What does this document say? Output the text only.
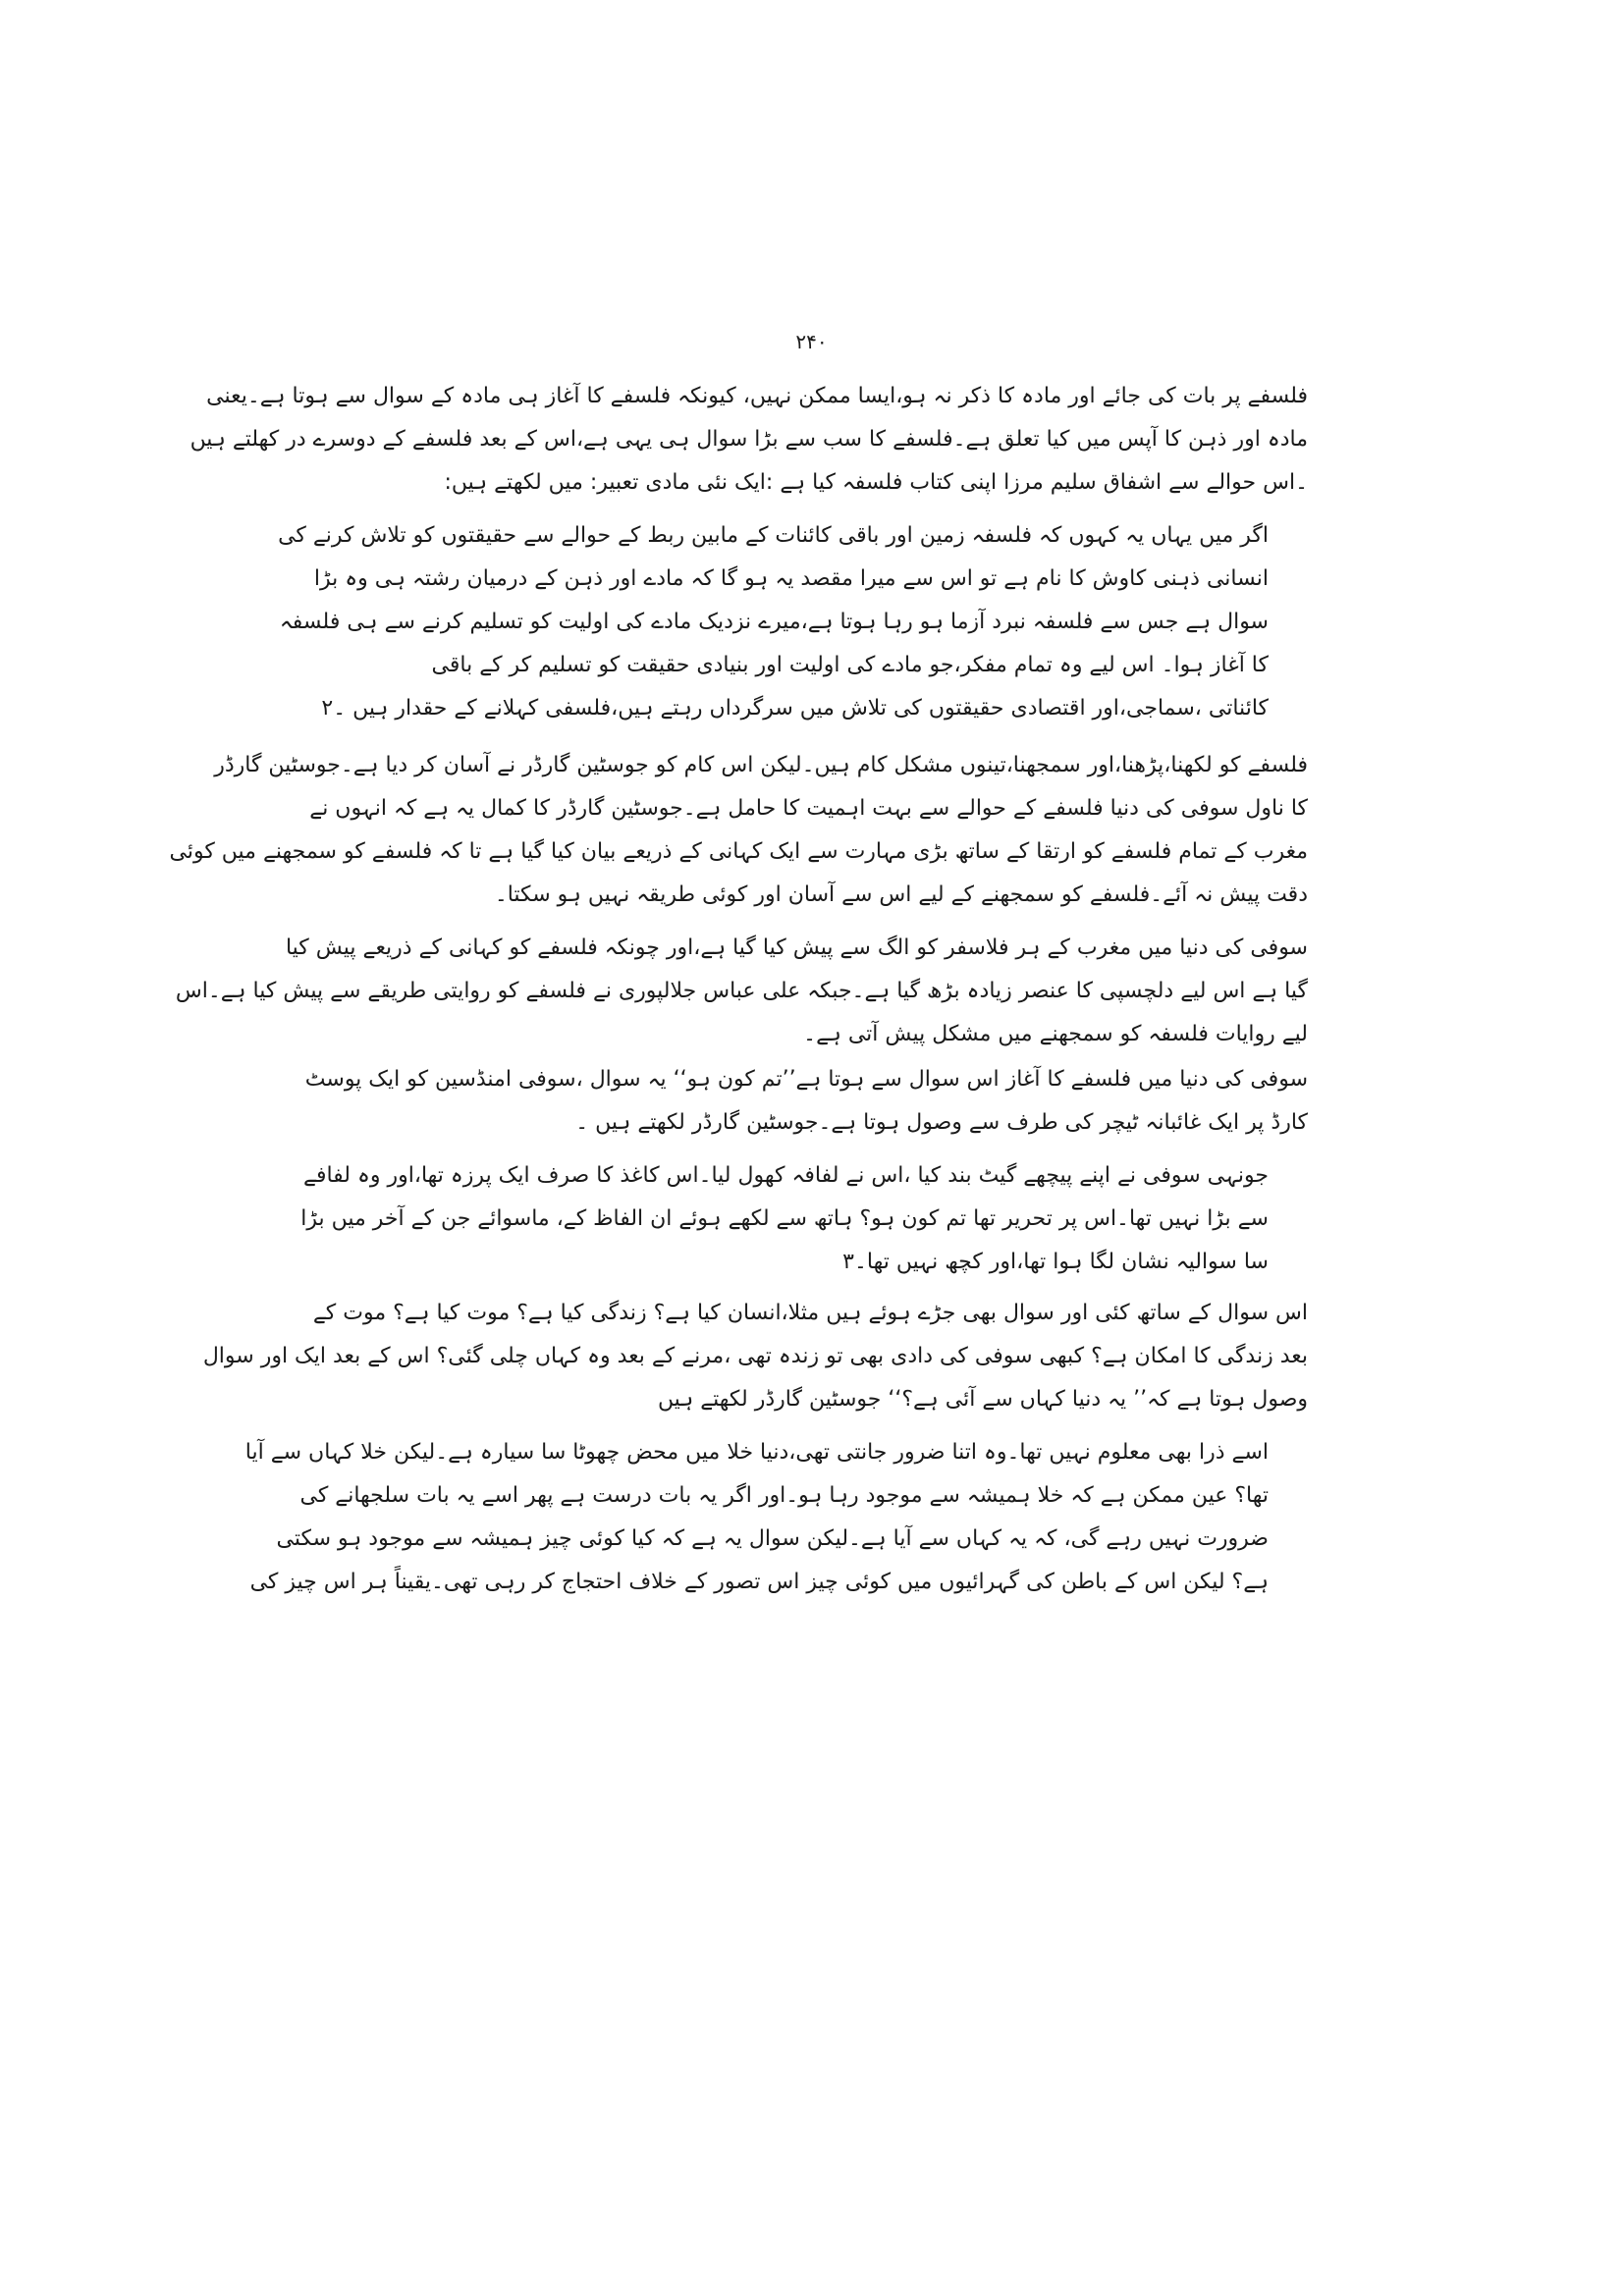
۲۴۰
فلسفے پر بات کی جائے اور مادہ کا ذکر نہ ہو،ایسا ممکن نہیں، کیونکہ فلسفے کا آغاز ہی مادہ کے سوال سے ہوتا ہے۔یعنی
مادہ اور ذہن کا آپس میں کیا تعلق ہے۔فلسفے کا سب سے بڑا سوال ہی یہی ہے،اس کے بعد فلسفے کے دوسرے در کھلتے ہیں
۔اس حوالے سے اشفاق سلیم مرزا اپنی کتاب فلسفہ کیا ہے :ایک نئی مادی تعبیر: میں لکھتے ہیں:
اگر میں یہاں یہ کہوں کہ فلسفہ زمین اور باقی کائنات کے مابین ربط کے حوالے سے حقیقتوں کو تلاش کرنے کی
انسانی ذہنی کاوش کا نام ہے تو اس سے میرا مقصد یہ ہو گا کہ مادے اور ذہن کے درمیان رشتہ ہی وہ بڑا
سوال ہے جس سے فلسفہ نبرد آزما ہو رہا ہوتا ہے،میرے نزدیک مادے کی اولیت کو تسلیم کرنے سے ہی فلسفہ
کا آغاز ہوا۔ اس لیے وہ تمام مفکر،جو مادے کی اولیت اور بنیادی حقیقت کو تسلیم کر کے باقی
کائناتی ،سماجی،اور اقتصادی حقیقتوں کی تلاش میں سرگرداں رہتے ہیں،فلسفی کہلانے کے حقدار ہیں ۔۲
فلسفے کو لکھنا،پڑھنا،اور سمجھنا،تینوں مشکل کام ہیں۔لیکن اس کام کو جوسٹین گارڈر نے آسان کر دیا ہے۔جوسٹین گارڈر
کا ناول سوفی کی دنیا فلسفے کے حوالے سے بہت اہمیت کا حامل ہے۔جوسٹین گارڈر کا کمال یہ ہے کہ انہوں نے
مغرب کے تمام فلسفے کو ارتقا کے ساتھ بڑی مہارت سے ایک کہانی کے ذریعے بیان کیا گیا ہے تا کہ فلسفے کو سمجھنے میں کوئی
دقت پیش نہ آئے۔فلسفے کو سمجھنے کے لیے اس سے آسان اور کوئی طریقہ نہیں ہو سکتا۔
سوفی کی دنیا میں مغرب کے ہر فلاسفر کو الگ سے پیش کیا گیا ہے،اور چونکہ فلسفے کو کہانی کے ذریعے پیش کیا
گیا ہے اس لیے دلچسپی کا عنصر زیادہ بڑھ گیا ہے۔جبکہ علی عباس جلالپوری نے فلسفے کو روایتی طریقے سے پیش کیا ہے۔اس
لیے روایات فلسفہ کو سمجھنے میں مشکل پیش آتی ہے۔
سوفی کی دنیا میں فلسفے کا آغاز اس سوال سے ہوتا ہے’’تم کون ہو‘‘ یہ سوال ،سوفی امنڈسین کو ایک پوسٹ
کارڈ پر ایک غائبانہ ٹیچر کی طرف سے وصول ہوتا ہے۔جوسٹین گارڈر لکھتے ہیں ۔
جونہی سوفی نے اپنے پیچھے گیٹ بند کیا ،اس نے لفافہ کھول لیا۔اس کاغذ کا صرف ایک پرزہ تھا،اور وہ لفافے
سے بڑا نہیں تھا۔اس پر تحریر تھا تم کون ہو؟ ہاتھ سے لکھے ہوئے ان الفاظ کے، ماسوائے جن کے آخر میں بڑا
سا سوالیہ نشان لگا ہوا تھا،اور کچھ نہیں تھا۔۳
اس سوال کے ساتھ کئی اور سوال بھی جڑے ہوئے ہیں مثلا،انسان کیا ہے؟ زندگی کیا ہے؟ موت کیا ہے؟ موت کے
بعد زندگی کا امکان ہے؟ کبھی سوفی کی دادی بھی تو زندہ تھی ،مرنے کے بعد وہ کہاں چلی گئی؟ اس کے بعد ایک اور سوال
وصول ہوتا ہے کہ’’ یہ دنیا کہاں سے آئی ہے؟‘‘ جوسٹین گارڈر لکھتے ہیں
اسے ذرا بھی معلوم نہیں تھا۔وہ اتنا ضرور جانتی تھی،دنیا خلا میں محض چھوٹا سا سیارہ ہے۔لیکن خلا کہاں سے آیا
تھا؟ عین ممکن ہے کہ خلا ہمیشہ سے موجود رہا ہو۔اور اگر یہ بات درست ہے پھر اسے یہ بات سلجھانے کی
ضرورت نہیں رہے گی، کہ یہ کہاں سے آیا ہے۔لیکن سوال یہ ہے کہ کیا کوئی چیز ہمیشہ سے موجود ہو سکتی
ہے؟ لیکن اس کے باطن کی گہرائیوں میں کوئی چیز اس تصور کے خلاف احتجاج کر رہی تھی۔یقیناً ہر اس چیز کی
